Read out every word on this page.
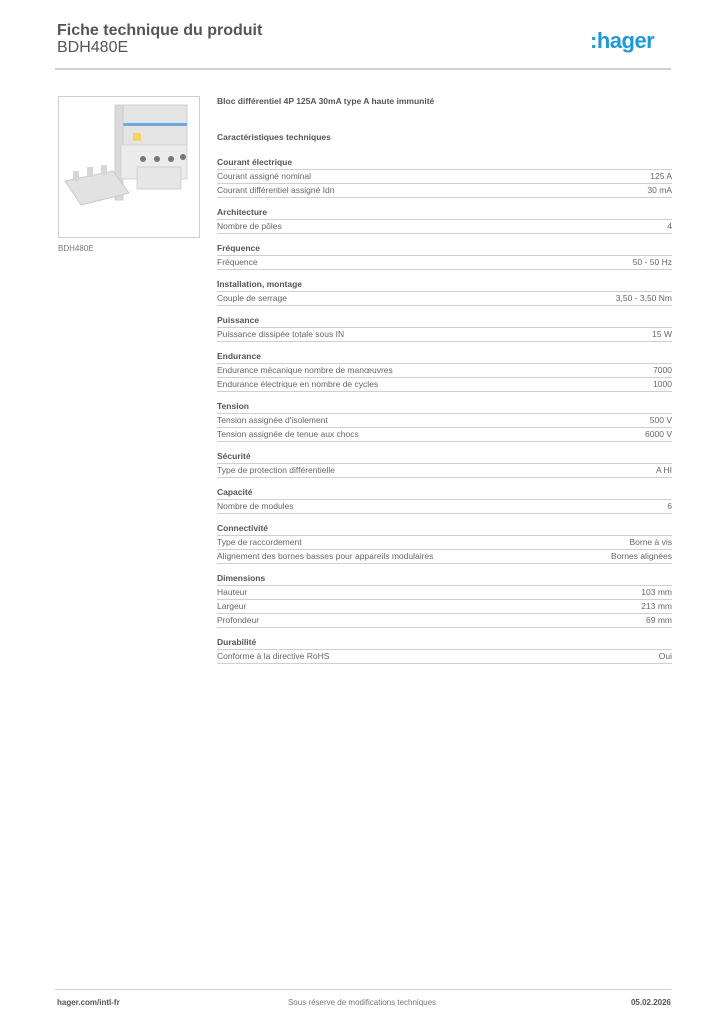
Fiche technique du produit
BDH480E	:hager
BDH480E
Bloc différentiel 4P 125A 30mA type A haute immunité
Caractéristiques techniques
Courant électrique
Courant assigné nominal	125 A
Courant différentiel assigné Idn	30 mA
Architecture
Nombre de pôles	4
Fréquence
Fréquence	50 - 50 Hz
Installation, montage
Couple de serrage	3,50 - 3,50 Nm
Puissance
Puissance dissipée totale sous IN	15 W
Endurance
Endurance mécanique nombre de manœuvres	7000
Endurance électrique en nombre de cycles	1000
Tension
Tension assignée d'isolement	500 V
Tension assignée de tenue aux chocs	6000 V
Sécurité
Type de protection différentielle	A HI
Capacité
Nombre de modules	6
Connectivité
Type de raccordement	Borne à vis
Alignement des bornes basses pour appareils modulaires	Bornes alignées
Dimensions
Hauteur	103 mm
Largeur	213 mm
Profondeur	69 mm
Durabilité
Conforme à la directive RoHS	Oui
hager.com/intl-fr	Sous réserve de modifications techniques	05.02.2026
